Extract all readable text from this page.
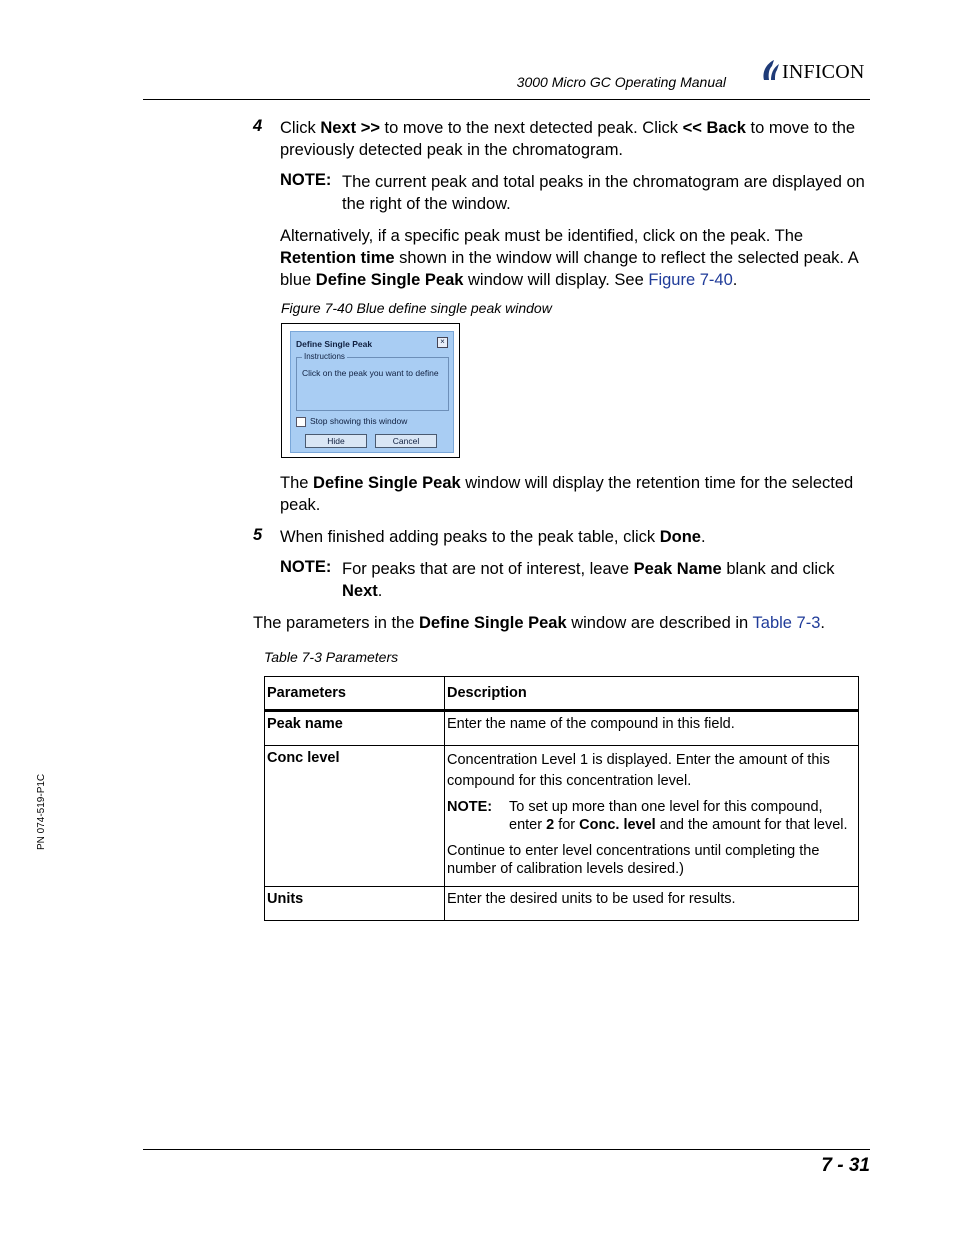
3000 Micro GC Operating Manual	INFICON
4 Click Next >> to move to the next detected peak. Click << Back to move to the previously detected peak in the chromatogram.
NOTE: The current peak and total peaks in the chromatogram are displayed on the right of the window.
Alternatively, if a specific peak must be identified, click on the peak. The Retention time shown in the window will change to reflect the selected peak. A blue Define Single Peak window will display. See Figure 7-40.
Figure 7-40 Blue define single peak window
Define Single Peak	×
Instructions
Click on the peak you want to define
Stop showing this window
Hide	Cancel
The Define Single Peak window will display the retention time for the selected peak.
5 When finished adding peaks to the peak table, click Done.
NOTE: For peaks that are not of interest, leave Peak Name blank and click Next.
The parameters in the Define Single Peak window are described in Table 7-3.
Table 7-3 Parameters
Parameters	Description
Peak name	Enter the name of the compound in this field.
Conc level	Concentration Level 1 is displayed. Enter the amount of this compound for this concentration level.

NOTE: To set up more than one level for this compound, enter 2 for Conc. level and the amount for that level.

Continue to enter level concentrations until completing the number of calibration levels desired.)

Units	Enter the desired units to be used for results.
PN 074-519-P1C
7 - 31
